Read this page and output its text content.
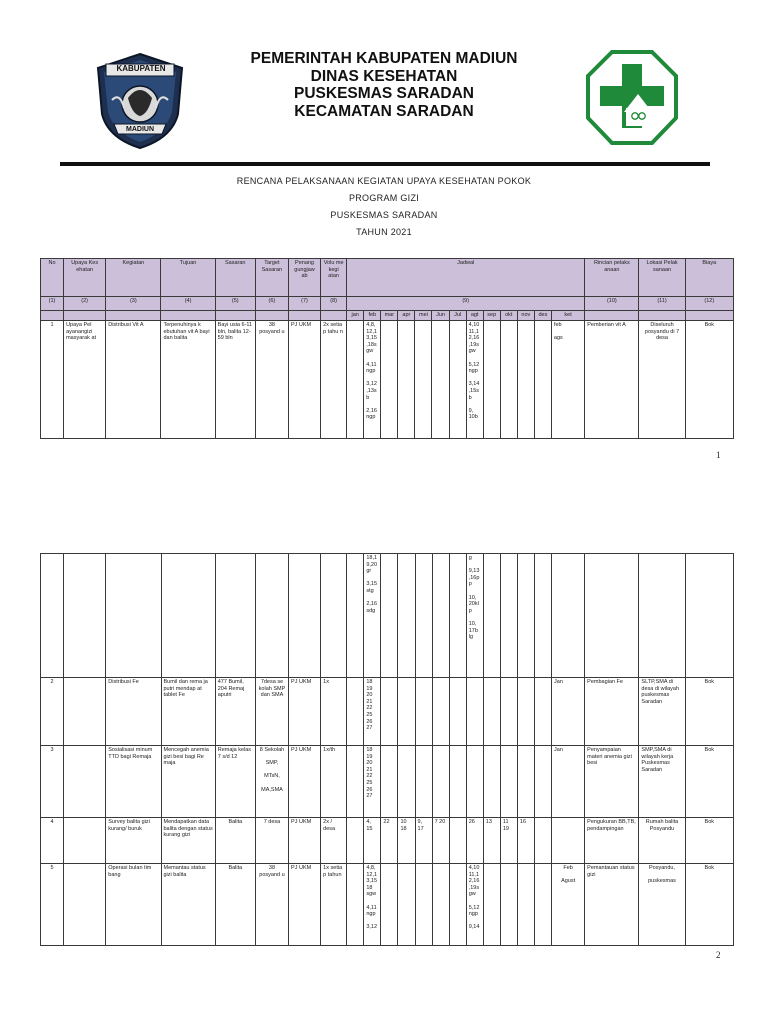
KABUPATEN
MADIUN
PEMERINTAH KABUPATEN MADIUN
DINAS KESEHATAN
PUSKESMAS SARADAN
KECAMATAN SARADAN
RENCANA PELAKSANAAN KEGIATAN UPAYA KESEHATAN POKOK
PROGRAM GIZI
PUSKESMAS SARADAN
TAHUN 2021
No	Upaya Kes ehatan	Kegiatan	Tujuan	Sasaran	Target Sasaran	Penang gungjaw ab	Volu me kegi atan	Jadwal													Rincian pelaks anaan	Lokasi Pelak sanaan	Biaya
(1)	(2)	(3)	(4)	(5)	(6)	(7)	(8)	(9)													(10)	(11)	(12)
								jan	feb	mar	apr	mei	Jun	Jul	agt	sep	okt	nov	des	ket			
1	Upaya Pel ayanangizi masyarak at	Distribusi Vit A	Terpenuhinya k ebutuhan vit A bayi dan balita	Bayi usia 6-11 bln, balita 12-59 bln	38 posyand u	PJ UKM	2x setia p tahu n		4,8, 12,1 3,15 ,18s gw

4,11 ngp

3,12 ,13s b

2,16 ngp						4,10 11,1 2,16 ,19s gw

5,12 ngp

3,14 ,15s b

9, 10b					feb

ags	Pemberian vit A	Diseluruh posyandu di 7 desa	Bok
1
									18,1 9,20 gr

3,15 stg

2,16 sdg						g

9,13 ,16p p

10, 20kl p

10, 17b lg								
2		Distribusi Fe	Bumil dan rema ja putri mendap at tablet Fe	477 Bumil, 204 Remaj aputri	7desa se kolah SMP dan SMA	PJ UKM	1x		18 19 20 21 22 25 26 27											Jan	Pembagian Fe	SLTP,SMA di desa di wilayah puskesmas Saradan	Bok
3		Sosialisasi minum TTD bagi Remaja	Mencegah anemia gizi besi bagi Re maja	Remaja kelas 7 s/d 12	8 Sekolah

SMP,

MTsN,

MA,SMA	PJ UKM	1x/th		18 19 20 21 22 25 26 27											Jan	Penyampaian materi anemia gizi besi	SMP,SMA di wilayah kerja Puskesmas Saradan	Bok
4		Survey balita gizi kurang/ buruk	Mendapatkan data balita dengan status kurang gizi	Balita	7 desa	PJ UKM	2x / desa		4, 15	22	10 18	9, 17	7 20		26	13	11 19	16			Pengukuran BB,TB, pendampingan	Rumah balita Posyandu	Bok
5		Operasi bulan tim bang	Memantau status gizi balita	Balita	38 posyand u	PJ UKM	1x setia p tahun		4,8, 12,1 3,15 18 sgw

4,11 ngp

3,12						4,10 11,1 2,16 ,19s gw

5,12 ngp

9,14					Feb

Agust	Pemantauan status gizi	Posyandu,

puskesmas	Bok
2
